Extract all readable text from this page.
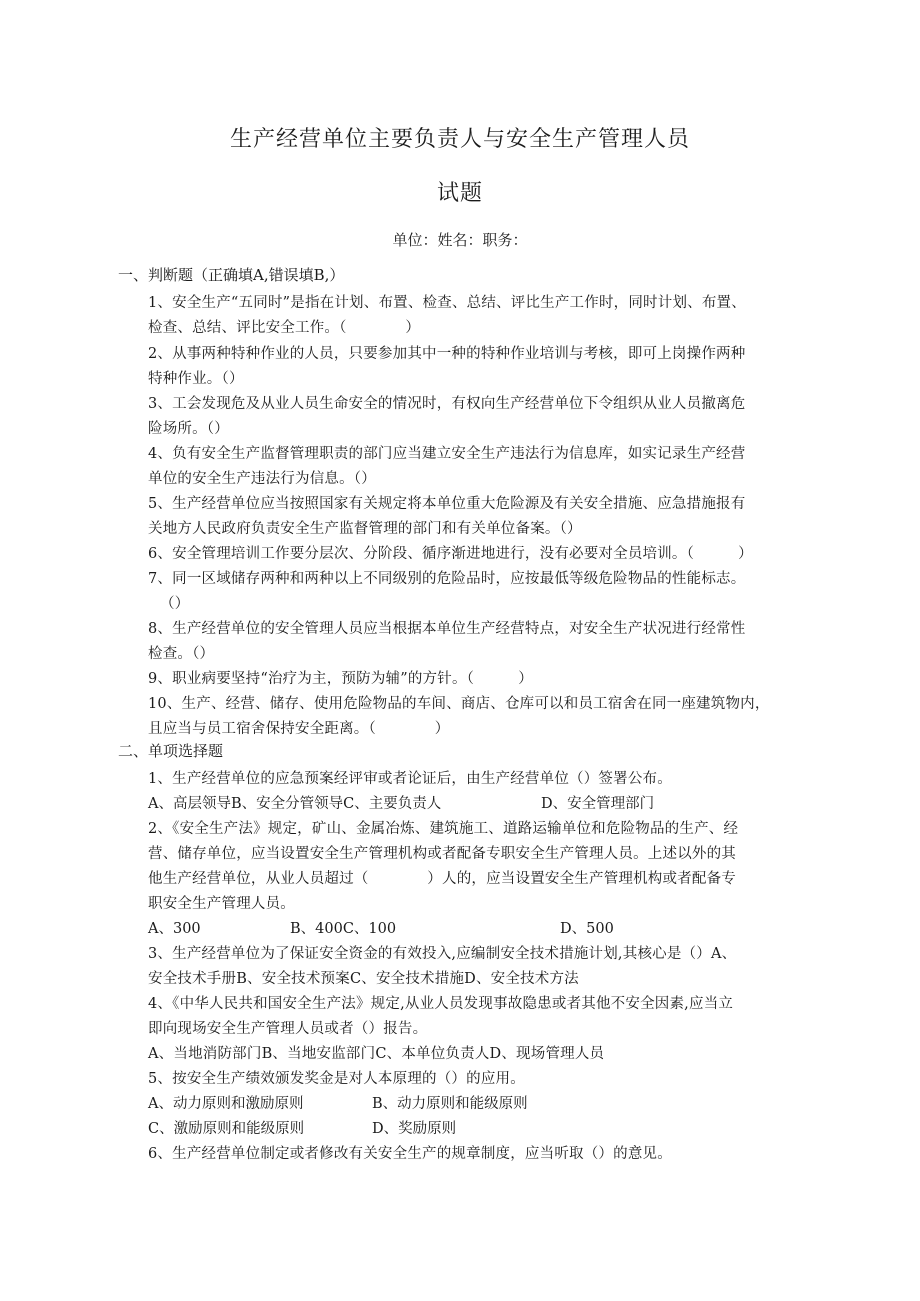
生产经营单位主要负责人与安全生产管理人员
试题
单位：姓名：职务：
一、判断题（正确填A,错误填B,）
1、安全生产“五同时”是指在计划、布置、检查、总结、评比生产工作时，同时计划、布置、
检查、总结、评比安全工作。（　　　　）
2、从事两种特种作业的人员，只要参加其中一种的特种作业培训与考核，即可上岗操作两种
特种作业。（）
3、工会发现危及从业人员生命安全的情况时，有权向生产经营单位下令组织从业人员撤离危
险场所。（）
4、负有安全生产监督管理职责的部门应当建立安全生产违法行为信息库，如实记录生产经营
单位的安全生产违法行为信息。（）
5、生产经营单位应当按照国家有关规定将本单位重大危险源及有关安全措施、应急措施报有
关地方人民政府负责安全生产监督管理的部门和有关单位备案。（）
6、安全管理培训工作要分层次、分阶段、循序渐进地进行，没有必要对全员培训。（　　　）
7、同一区域储存两种和两种以上不同级别的危险品时，应按最低等级危险物品的性能标志。
（）
8、生产经营单位的安全管理人员应当根据本单位生产经营特点，对安全生产状况进行经常性
检查。（）
9、职业病要坚持“治疗为主，预防为辅”的方针。（　　　）
10、生产、经营、储存、使用危险物品的车间、商店、仓库可以和员工宿舍在同一座建筑物内，
且应当与员工宿舍保持安全距离。（　　　　）
二、单项选择题
1、生产经营单位的应急预案经评审或者论证后，由生产经营单位（）签署公布。
A、高层领导B、安全分管领导C、主要负责人	D、安全管理部门
2、《安全生产法》规定，矿山、金属冶炼、建筑施工、道路运输单位和危险物品的生产、经
营、储存单位，应当设置安全生产管理机构或者配备专职安全生产管理人员。上述以外的其
他生产经营单位，从业人员超过（　　　　）人的，应当设置安全生产管理机构或者配备专
职安全生产管理人员。
A、300	B、400C、100	D、500
3、生产经营单位为了保证安全资金的有效投入,应编制安全技术措施计划,其核心是（）A、
安全技术手册B、安全技术预案C、安全技术措施D、安全技术方法
4、《中华人民共和国安全生产法》规定,从业人员发现事故隐患或者其他不安全因素,应当立
即向现场安全生产管理人员或者（）报告。
A、当地消防部门B、当地安监部门C、本单位负责人D、现场管理人员
5、按安全生产绩效颁发奖金是对人本原理的（）的应用。
A、动力原则和激励原则	B、动力原则和能级原则
C、激励原则和能级原则	D、奖励原则
6、生产经营单位制定或者修改有关安全生产的规章制度，应当听取（）的意见。
